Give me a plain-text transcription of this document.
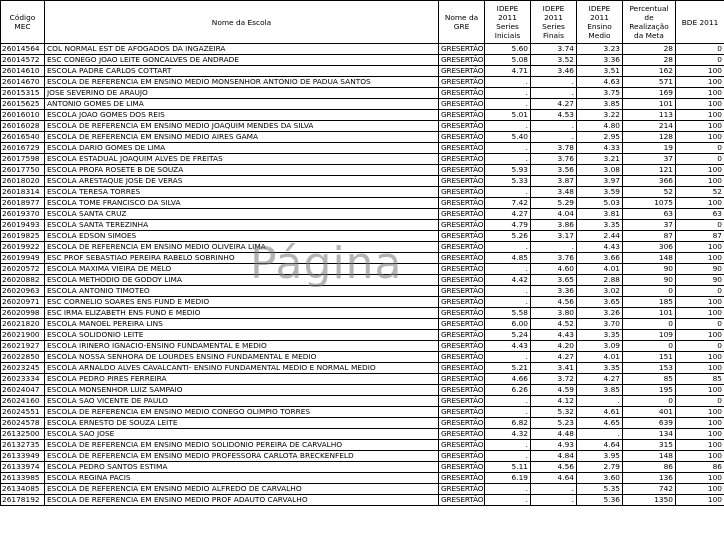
Código MEC	Nome da Escola	Nome da GRE	IDEPE 2011 Series Iniciais	IDEPE 2011 Series Finais	IDEPE 2011 Ensino Medio	Percentual de Realização da Meta	BDE 2011
26014564	COL NORMAL EST DE AFOGADOS DA INGAZEIRA	GRESERTÃO	5.60	3.74	3.23	28	0
26014572	ESC CONEGO JOAO LEITE GONCALVES DE ANDRADE	GRESERTÃO	5.08	3.52	3.36	28	0
26014610	ESCOLA PADRE CARLOS COTTART	GRESERTÃO	4.71	3.46	3.51	162	100
26014670	ESCOLA DE REFERENCIA EM ENSINO MEDIO MONSENHOR ANTONIO DE PADUA SANTOS	GRESERTÃO	.	.	4.63	571	100
26015315	JOSE SEVERINO DE ARAUJO	GRESERTÃO	.	.	3.75	169	100
26015625	ANTONIO GOMES DE LIMA	GRESERTÃO	.	4.27	3.85	101	100
26016010	ESCOLA JOAO GOMES DOS REIS	GRESERTÃO	5.01	4.53	3.22	113	100
26016028	ESCOLA DE REFERENCIA EM ENSINO MEDIO JOAQUIM MENDES DA SILVA	GRESERTÃO	.	.	4.80	214	100
26016540	ESCOLA DE REFERENCIA EM ENSINO MEDIO AIRES GAMA	GRESERTÃO	5.40	.	2.95	128	100
26016729	ESCOLA DARIO GOMES DE LIMA	GRESERTÃO	.	3.78	4.33	19	0
26017598	ESCOLA ESTADUAL JOAQUIM ALVES DE FREITAS	GRESERTÃO	.	3.76	3.21	37	0
26017750	ESCOLA PROFA ROSETE B DE SOUZA	GRESERTÃO	5.93	3.56	3.08	121	100
26018020	ESCOLA ARESTAQUE JOSE DE VERAS	GRESERTÃO	5.33	3.87	3.97	366	100
26018314	ESCOLA TERESA TORRES	GRESERTÃO	.	3.48	3.59	52	52
26018977	ESCOLA TOME FRANCISCO DA SILVA	GRESERTÃO	7.42	5.29	5.03	1075	100
26019370	ESCOLA SANTA CRUZ	GRESERTÃO	4.27	4.04	3.81	63	63
26019493	ESCOLA SANTA TEREZINHA	GRESERTÃO	4.79	3.86	3.35	37	0
26019825	ESCOLA EDSON SIMOES	GRESERTÃO	5.26	3.17	2.44	87	87
26019922	ESCOLA DE REFERENCIA EM ENSINO MEDIO OLIVEIRA LIMA	GRESERTÃO	.	.	4.43	306	100
26019949	ESC PROF SEBASTIAO PEREIRA RABELO SOBRINHO	GRESERTÃO	4.85	3.76	3.66	148	100
26020572	ESCOLA MAXIMA VIEIRA DE MELO	GRESERTÃO	.	4.60	4.01	90	90
26020882	ESCOLA METHODIO DE GODOY LIMA	GRESERTÃO	4.42	3.65	2.88	90	90
26020963	ESCOLA ANTONIO TIMOTEO	GRESERTÃO	.	3.36	3.02	0	0
26020971	ESC CORNELIO SOARES ENS FUND E MEDIO	GRESERTÃO	.	4.56	3.65	185	100
26020998	ESC IRMA ELIZABETH ENS FUND E MEDIO	GRESERTÃO	5.58	3.80	3.26	101	100
26021820	ESCOLA MANOEL PEREIRA LINS	GRESERTÃO	6.00	4.52	3.70	0	0
26021900	ESCOLA SOLIDONIO LEITE	GRESERTÃO	5.24	4.43	3.35	109	100
26021927	ESCOLA IRINERO IGNACIO-ENSINO FUNDAMENTAL E MEDIO	GRESERTÃO	4.43	4.20	3.09	0	0
26022850	ESCOLA NOSSA SENHORA DE LOURDES ENSINO FUNDAMENTAL E MEDIO	GRESERTÃO	.	4.27	4.01	151	100
26023245	ESCOLA ARNALDO ALVES CAVALCANTI- ENSINO FUNDAMENTAL MEDIO E NORMAL MEDIO	GRESERTÃO	5.21	3.41	3.35	153	100
26023334	ESCOLA PEDRO PIRES FERREIRA	GRESERTÃO	4.66	3.72	4.27	85	85
26024047	ESCOLA MONSENHOR LUIZ SAMPAIO	GRESERTÃO	6.26	4.59	3.85	195	100
26024160	ESCOLA SAO VICENTE DE PAULO	GRESERTÃO	.	4.12	.	0	0
26024551	ESCOLA DE REFERENCIA EM ENSINO MEDIO CONEGO OLIMPIO TORRES	GRESERTÃO	.	5.32	4.61	401	100
26024578	ESCOLA ERNESTO DE SOUZA LEITE	GRESERTÃO	6.82	5.23	4.65	639	100
26132500	ESCOLA SAO JOSE	GRESERTÃO	4.32	4.48	.	134	100
26132735	ESCOLA DE REFERENCIA EM ENSINO MEDIO SOLIDONIO PEREIRA DE CARVALHO	GRESERTÃO	.	4.93	4.64	315	100
26133949	ESCOLA DE REFERENCIA EM ENSINO MEDIO PROFESSORA CARLOTA BRECKENFELD	GRESERTÃO	.	4.84	3.95	148	100
26133974	ESCOLA PEDRO SANTOS ESTIMA	GRESERTÃO	5.11	4.56	2.79	86	86
26133985	ESCOLA REGINA PACIS	GRESERTÃO	6.19	4.64	3.60	136	100
26134085	ESCOLA DE REFERENCIA EM ENSINO MEDIO ALFREDO DE CARVALHO	GRESERTÃO	.	.	5.35	742	100
26178192	ESCOLA DE REFERENCIA EM ENSINO MEDIO PROF ADAUTO CARVALHO	GRESERTÃO	.	.	5.36	1350	100
Página
